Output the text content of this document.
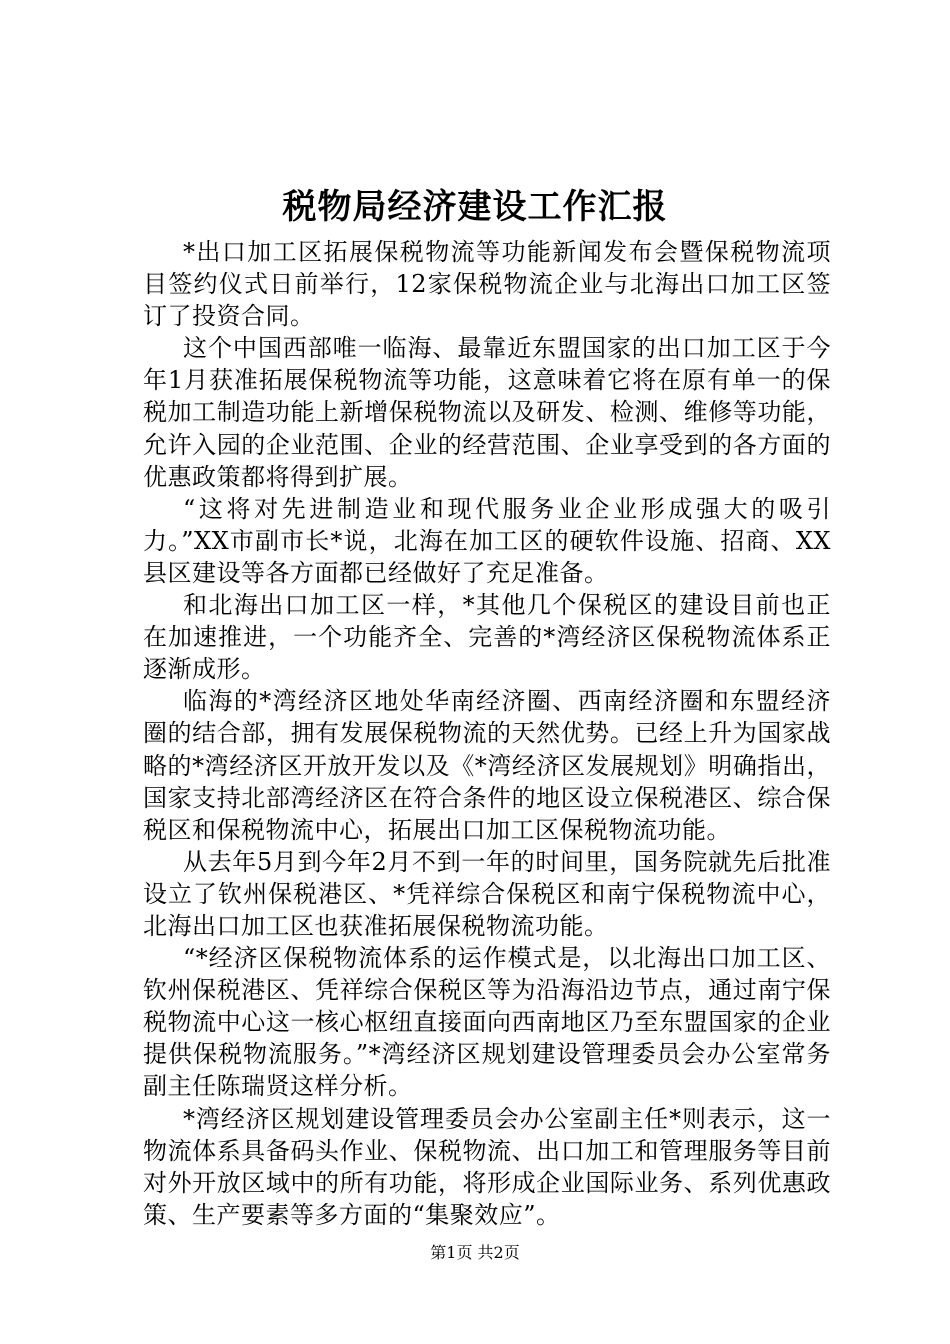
税物局经济建设工作汇报

*出口加工区拓展保税物流等功能新闻发布会暨保税物流项目签约仪式日前举行，12家保税物流企业与北海出口加工区签订了投资合同。

这个中国西部唯一临海、最靠近东盟国家的出口加工区于今年1月获准拓展保税物流等功能，这意味着它将在原有单一的保税加工制造功能上新增保税物流以及研发、检测、维修等功能，允许入园的企业范围、企业的经营范围、企业享受到的各方面的优惠政策都将得到扩展。

“这将对先进制造业和现代服务业企业形成强大的吸引力。”XX市副市长*说，北海在加工区的硬软件设施、招商、XX县区建设等各方面都已经做好了充足准备。

和北海出口加工区一样，*其他几个保税区的建设目前也正在加速推进，一个功能齐全、完善的*湾经济区保税物流体系正逐渐成形。

临海的*湾经济区地处华南经济圈、西南经济圈和东盟经济圈的结合部，拥有发展保税物流的天然优势。已经上升为国家战略的*湾经济区开放开发以及《*湾经济区发展规划》明确指出，国家支持北部湾经济区在符合条件的地区设立保税港区、综合保税区和保税物流中心，拓展出口加工区保税物流功能。

从去年5月到今年2月不到一年的时间里，国务院就先后批准设立了钦州保税港区、*凭祥综合保税区和南宁保税物流中心，北海出口加工区也获准拓展保税物流功能。

“*经济区保税物流体系的运作模式是，以北海出口加工区、钦州保税港区、凭祥综合保税区等为沿海沿边节点，通过南宁保税物流中心这一核心枢纽直接面向西南地区乃至东盟国家的企业提供保税物流服务。”*湾经济区规划建设管理委员会办公室常务副主任陈瑞贤这样分析。

*湾经济区规划建设管理委员会办公室副主任*则表示，这一物流体系具备码头作业、保税物流、出口加工和管理服务等目前对外开放区域中的所有功能，将形成企业国际业务、系列优惠政策、生产要素等多方面的“集聚效应”。

第1页 共2页
